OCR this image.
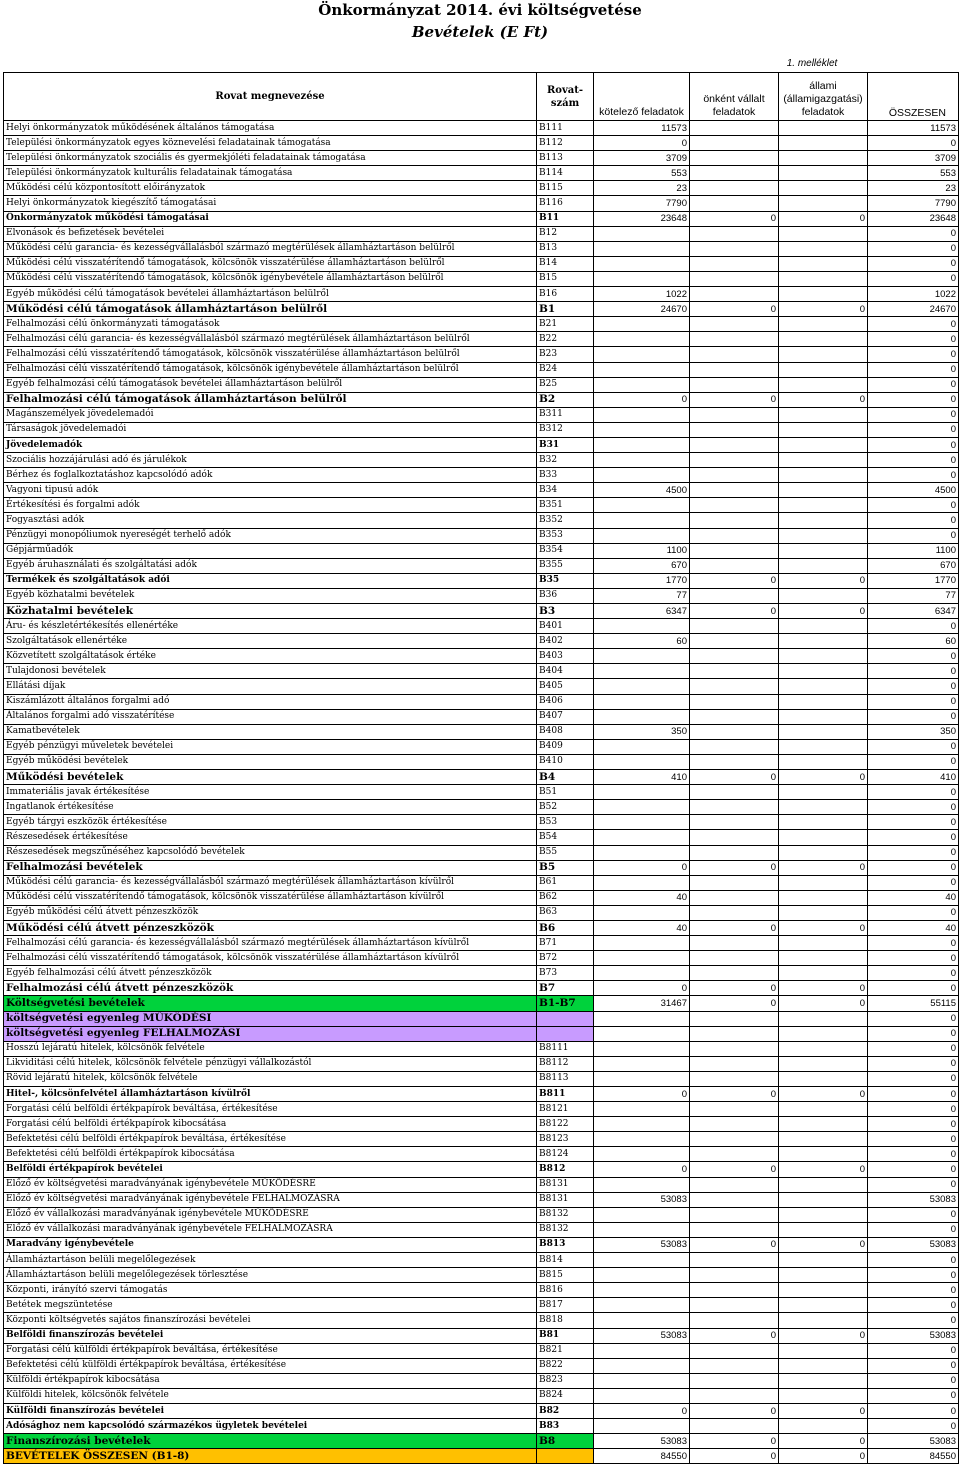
Önkormányzat 2014. évi költségvetése
Bevételek (E Ft)
1. melléklet
Rovat megnevezése	Rovat-szám	kötelező feladatok	önként vállalt feladatok	állami (államigazgatási) feladatok	ÖSSZESEN
Helyi önkormányzatok működésének általános támogatása	B111	11573			11573
Települési önkormányzatok egyes köznevelési feladatainak támogatása	B112	0			0
Települési önkormányzatok szociális és gyermekjóléti feladatainak támogatása	B113	3709			3709
Települési önkormányzatok kulturális feladatainak támogatása	B114	553			553
Működési célú központosított előirányzatok	B115	23			23
Helyi önkormányzatok kiegészítő támogatásai	B116	7790			7790
Önkormányzatok működési támogatásai	B11	23648	0	0	23648
Elvonások és befizetések bevételei	B12				0
Működési célú garancia- és kezességvállalásból származó megtérülések államháztartáson belülről	B13				0
Működési célú visszatérítendő támogatások, kölcsönök visszatérülése államháztartáson belülről	B14				0
Működési célú visszatérítendő támogatások, kölcsönök igénybevétele államháztartáson belülről	B15				0
Egyéb működési célú támogatások bevételei államháztartáson belülről	B16	1022			1022
Működési célú támogatások államháztartáson belülről	B1	24670	0	0	24670
Felhalmozási célú önkormányzati támogatások	B21				0
Felhalmozási célú garancia- és kezességvállalásból származó megtérülések államháztartáson belülről	B22				0
Felhalmozási célú visszatérítendő támogatások, kölcsönök visszatérülése államháztartáson belülről	B23				0
Felhalmozási célú visszatérítendő támogatások, kölcsönök igénybevétele államháztartáson belülről	B24				0
Egyéb felhalmozási célú támogatások bevételei államháztartáson belülről	B25				0
Felhalmozási célú támogatások államháztartáson belülről	B2	0	0	0	0
Magánszemélyek jövedelemadói	B311				0
Társaságok jövedelemadói	B312				0
Jövedelemadók	B31				0
Szociális hozzájárulási adó és járulékok	B32				0
Bérhez és foglalkoztatáshoz kapcsolódó adók	B33				0
Vagyoni tipusú adók	B34	4500			4500
Értékesítési és forgalmi adók	B351				0
Fogyasztási adók	B352				0
Pénzügyi monopóliumok nyereségét terhelő adók	B353				0
Gépjárműadók	B354	1100			1100
Egyéb áruhasználati és szolgáltatási adók	B355	670			670
Termékek és szolgáltatások adói	B35	1770	0	0	1770
Egyéb közhatalmi bevételek	B36	77			77
Közhatalmi bevételek	B3	6347	0	0	6347
Áru- és készletértékesítés ellenértéke	B401				0
Szolgáltatások ellenértéke	B402	60			60
Közvetített szolgáltatások értéke	B403				0
Tulajdonosi bevételek	B404				0
Ellátási díjak	B405				0
Kiszámlázott általános forgalmi adó	B406				0
Általános forgalmi adó visszatérítése	B407				0
Kamatbevételek	B408	350			350
Egyéb pénzügyi műveletek bevételei	B409				0
Egyéb működési bevételek	B410				0
Működési bevételek	B4	410	0	0	410
Immateriális javak értékesítése	B51				0
Ingatlanok értékesítése	B52				0
Egyéb tárgyi eszközök értékesítése	B53				0
Részesedések értékesítése	B54				0
Részesedések megszűnéséhez kapcsolódó bevételek	B55				0
Felhalmozási bevételek	B5	0	0	0	0
Működési célú garancia- és kezességvállalásból származó megtérülések államháztartáson kívülről	B61				0
Működési célú visszatérítendő támogatások, kölcsönök visszatérülése államháztartáson kívülről	B62	40			40
Egyéb működési célú átvett pénzeszközök	B63				0
Működési célú átvett pénzeszközök	B6	40	0	0	40
Felhalmozási célú garancia- és kezességvállalásból származó megtérülések államháztartáson kívülről	B71				0
Felhalmozási célú visszatérítendő támogatások, kölcsönök visszatérülése államháztartáson kívülről	B72				0
Egyéb felhalmozási célú átvett pénzeszközök	B73				0
Felhalmozási célú átvett pénzeszközök	B7	0	0	0	0
Költségvetési bevételek	B1-B7	31467	0	0	55115
költségvetési egyenleg MŰKÖDÉSI					0
költségvetési egyenleg FELHALMOZÁSI					0
Hosszú lejáratú hitelek, kölcsönök felvétele	B8111				0
Likviditási célú hitelek, kölcsönök felvétele pénzügyi vállalkozástól	B8112				0
Rövid lejáratú hitelek, kölcsönök felvétele	B8113				0
Hitel-, kölcsönfelvétel államháztartáson kívülről	B811	0	0	0	0
Forgatási célú belföldi értékpapírok beváltása, értékesítése	B8121				0
Forgatási célú belföldi értékpapírok kibocsátása	B8122				0
Befektetési célú belföldi értékpapírok beváltása, értékesítése	B8123				0
Befektetési célú belföldi értékpapírok kibocsátása	B8124				0
Belföldi értékpapírok bevételei	B812	0	0	0	0
Előző év költségvetési maradványának igénybevétele MŰKÖDÉSRE	B8131				0
Előző év költségvetési maradványának igénybevétele FELHALMOZÁSRA	B8131	53083			53083
Előző év vállalkozási maradványának igénybevétele MŰKÖDÉSRE	B8132				0
Előző év vállalkozási maradványának igénybevétele FELHALMOZÁSRA	B8132				0
Maradvány igénybevétele	B813	53083	0	0	53083
Államháztartáson belüli megelőlegezések	B814				0
Államháztartáson belüli megelőlegezések törlesztése	B815				0
Központi, irányító szervi támogatás	B816				0
Betétek megszüntetése	B817				0
Központi költségvetés sajátos finanszírozási bevételei	B818				0
Belföldi finanszírozás bevételei	B81	53083	0	0	53083
Forgatási célú külföldi értékpapírok beváltása, értékesítése	B821				0
Befektetési célú külföldi értékpapírok beváltása, értékesítése	B822				0
Külföldi értékpapírok kibocsátása	B823				0
Külföldi hitelek, kölcsönök felvétele	B824				0
Külföldi finanszírozás bevételei	B82	0	0	0	0
Adósághoz nem kapcsolódó származékos ügyletek bevételei	B83				0
Finanszírozási bevételek	B8	53083	0	0	53083
BEVÉTELEK ÖSSZESEN (B1-8)		84550	0	0	84550
